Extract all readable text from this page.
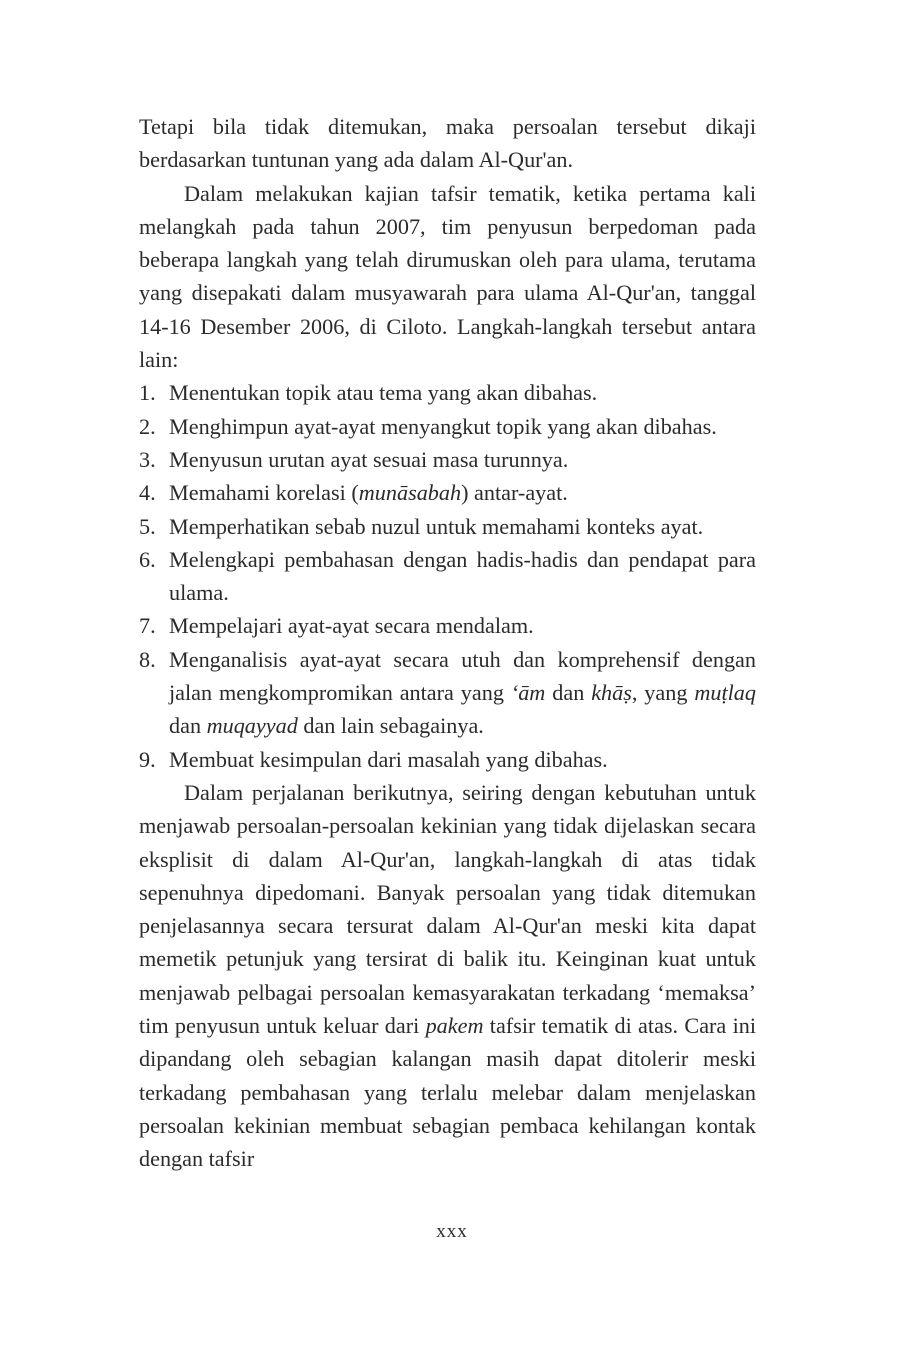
Tetapi bila tidak ditemukan, maka persoalan tersebut dikaji berdasarkan tuntunan yang ada dalam Al-Qur'an.

Dalam melakukan kajian tafsir tematik, ketika pertama kali melangkah pada tahun 2007, tim penyusun berpedoman pada beberapa langkah yang telah dirumuskan oleh para ulama, terutama yang disepakati dalam musyawarah para ulama Al-Qur'an, tanggal 14-16 Desember 2006, di Ciloto. Langkah-langkah tersebut antara lain:

1. Menentukan topik atau tema yang akan dibahas.
2. Menghimpun ayat-ayat menyangkut topik yang akan dibahas.
3. Menyusun urutan ayat sesuai masa turunnya.
4. Memahami korelasi (munāsabah) antar-ayat.
5. Memperhatikan sebab nuzul untuk memahami konteks ayat.
6. Melengkapi pembahasan dengan hadis-hadis dan pendapat para ulama.
7. Mempelajari ayat-ayat secara mendalam.
8. Menganalisis ayat-ayat secara utuh dan komprehensif dengan jalan mengkompromikan antara yang ‘ām dan khāṣ, yang muṭlaq dan muqayyad dan lain sebagainya.
9. Membuat kesimpulan dari masalah yang dibahas.

Dalam perjalanan berikutnya, seiring dengan kebutuhan untuk menjawab persoalan-persoalan kekinian yang tidak dijelaskan secara eksplisit di dalam Al-Qur'an, langkah-langkah di atas tidak sepenuhnya dipedomani. Banyak persoalan yang tidak ditemukan penjelasannya secara tersurat dalam Al-Qur'an meski kita dapat memetik petunjuk yang tersirat di balik itu. Keinginan kuat untuk menjawab pelbagai persoalan kemasyarakatan terkadang ‘memaksa’ tim penyusun untuk keluar dari pakem tafsir tematik di atas. Cara ini dipandang oleh sebagian kalangan masih dapat ditolerir meski terkadang pembahasan yang terlalu melebar dalam menjelaskan persoalan kekinian membuat sebagian pembaca kehilangan kontak dengan tafsir

xxx
